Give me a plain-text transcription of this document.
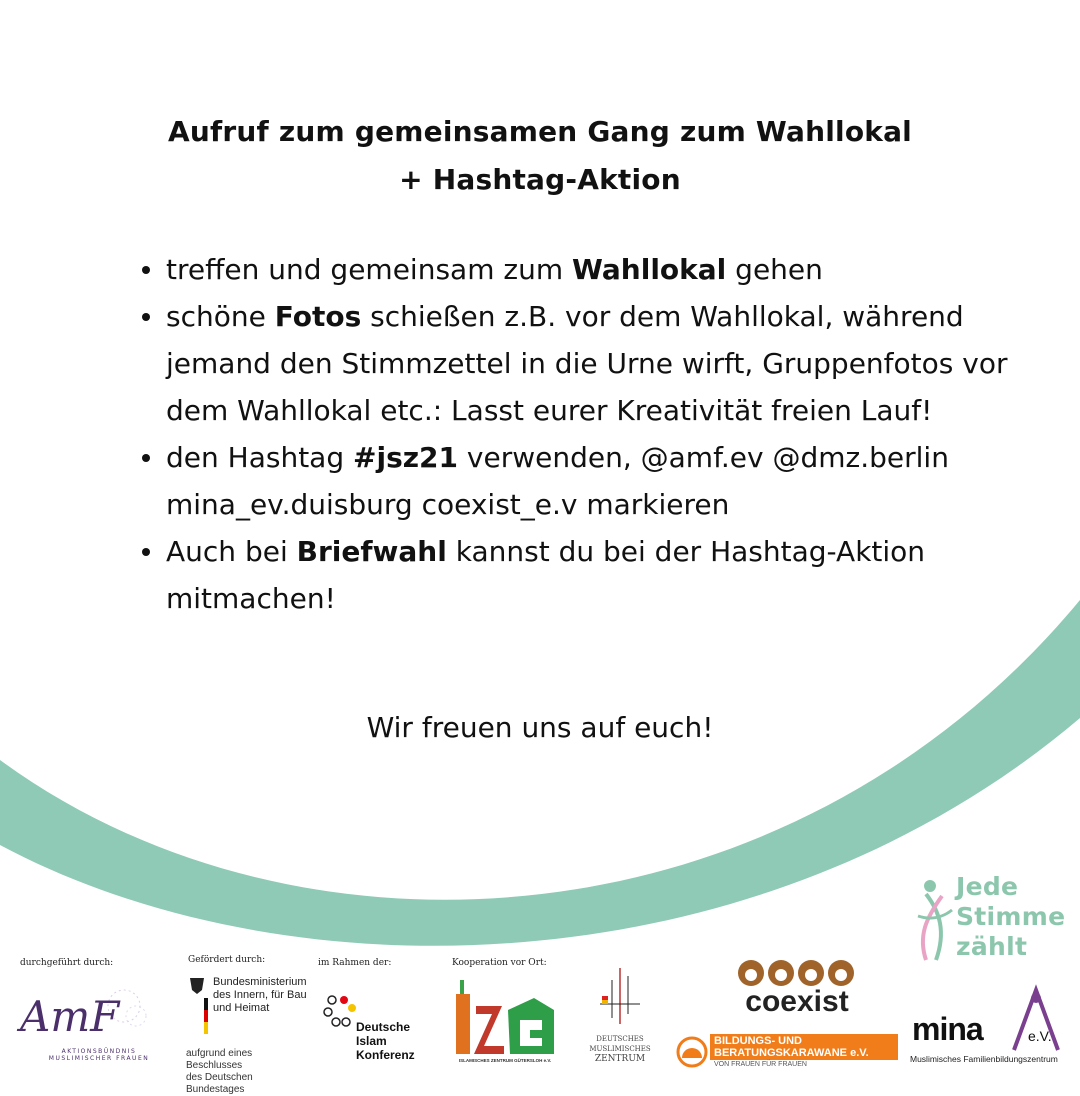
Aufruf zum gemeinsamen Gang zum Wahllokal
+ Hashtag-Aktion
treffen und gemeinsam zum Wahllokal gehen
schöne Fotos schießen z.B. vor dem Wahllokal, während jemand den Stimmzettel in die Urne wirft, Gruppenfotos vor dem Wahllokal etc.: Lasst eurer Kreativität freien Lauf!
den Hashtag #jsz21 verwenden, @amf.ev @dmz.berlin mina_ev.duisburg coexist_e.v markieren
Auch bei Briefwahl kannst du bei der Hashtag-Aktion mitmachen!
Wir freuen uns auf euch!
Jede
Stimme
zählt
durchgeführt durch:	Gefördert durch:	im Rahmen der:	Kooperation vor Ort:
AmF
AKTIONSBÜNDNIS MUSLIMISCHER FRAUEN
Bundesministerium
des Innern, für Bau
und Heimat
aufgrund eines Beschlusses
des Deutschen Bundestages
Deutsche
Islam
Konferenz	ISLAMISCHES ZENTRUM GÜTERSLOH e.V.
DEUTSCHES
MUSLIMISCHES
ZENTRUM
coexist
BILDUNGS- UND
BERATUNGSKARAWANE e.V.
VON FRAUEN FÜR FRAUEN
mina	e.V.
Muslimisches Familienbildungszentrum
